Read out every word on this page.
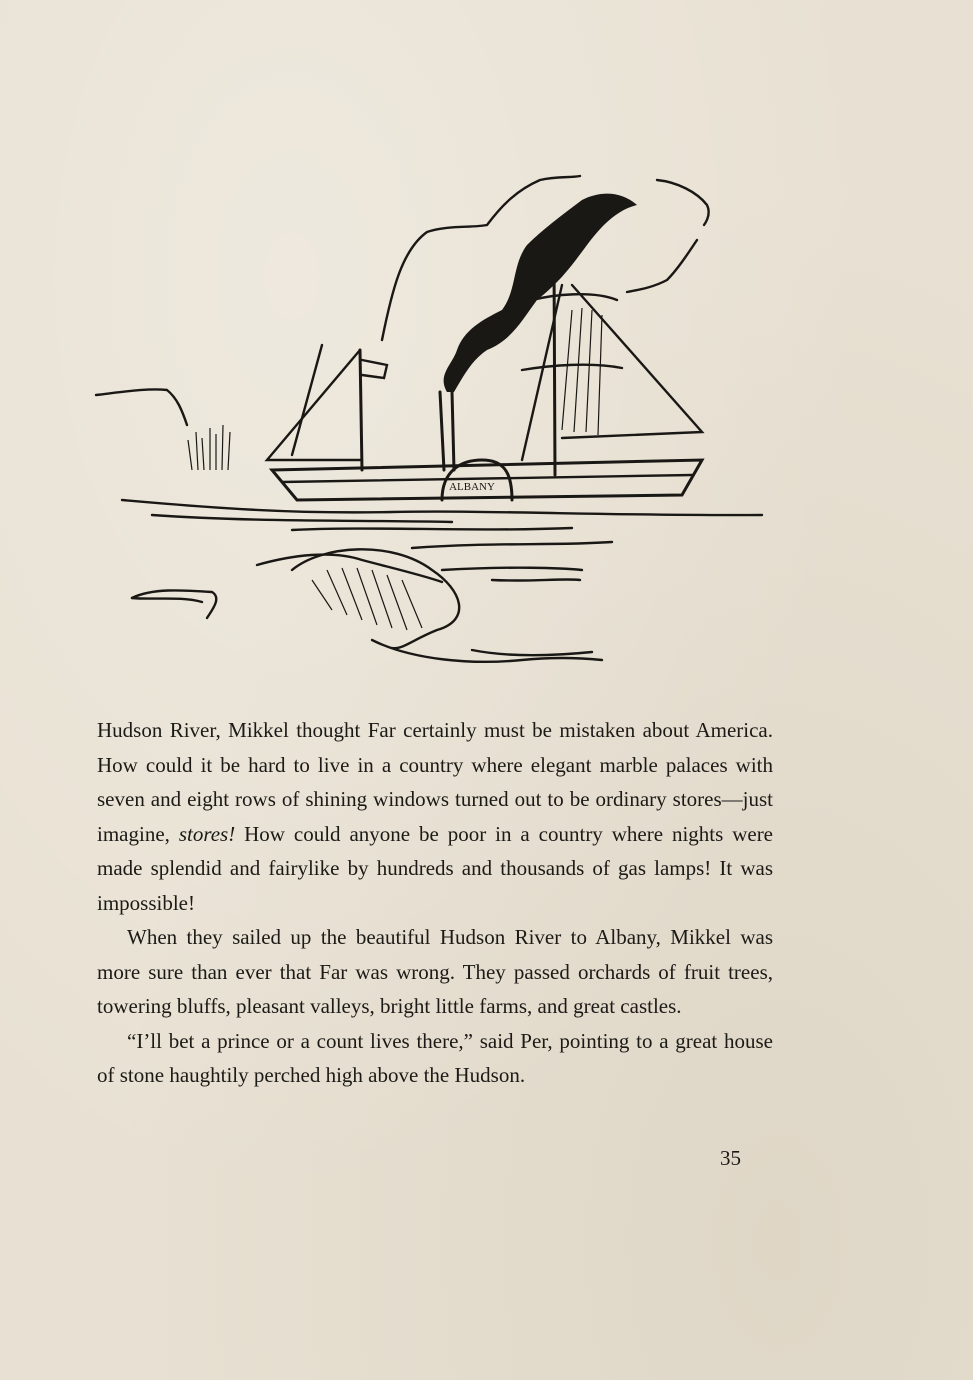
ALBANY

Hudson River, Mikkel thought Far certainly must be mistaken about America. How could it be hard to live in a country where elegant marble palaces with seven and eight rows of shining windows turned out to be ordinary stores—just imagine, stores! How could anyone be poor in a country where nights were made splendid and fairylike by hundreds and thousands of gas lamps! It was impossible!

When they sailed up the beautiful Hudson River to Albany, Mikkel was more sure than ever that Far was wrong. They passed orchards of fruit trees, towering bluffs, pleasant valleys, bright little farms, and great castles.

“I’ll bet a prince or a count lives there,” said Per, pointing to a great house of stone haughtily perched high above the Hudson.

35
